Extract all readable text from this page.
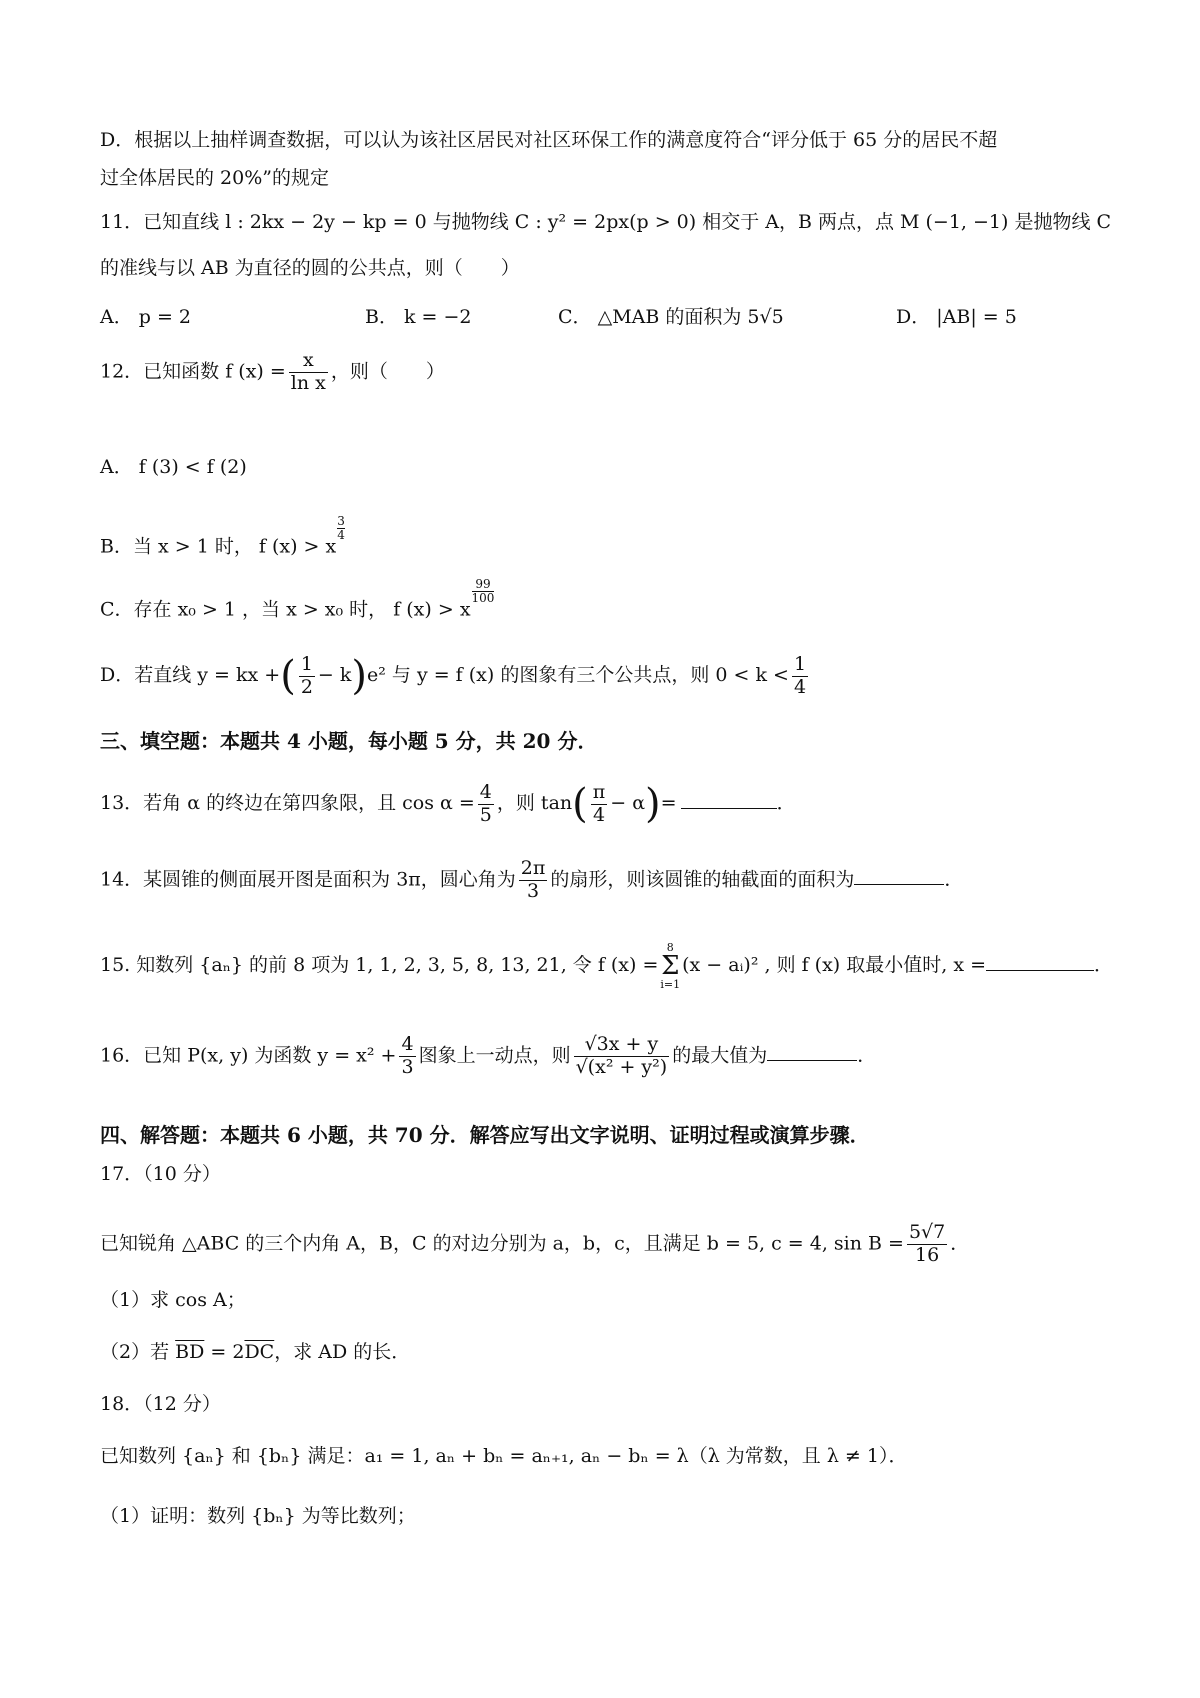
D．根据以上抽样调查数据，可以认为该社区居民对社区环保工作的满意度符合“评分低于 65 分的居民不超
过全体居民的 20%”的规定
11．已知直线 l : 2kx − 2y − kp = 0 与抛物线 C : y² = 2px(p > 0) 相交于 A，B 两点，点 M (−1, −1) 是抛物线 C
的准线与以 AB 为直径的圆的公共点，则（　　）
A． p = 2	B． k = −2	C． △MAB 的面积为 5√5	D． |AB| = 5
12．已知函数 f $(x) = \frac{x}{\text{ln x}}$ ，则（　　）
A． f (3) < f (2)
B．当 x > 1 时， f (x) > x
$\frac{3}{4}$
C．存在 x₀ > 1 ，当 x > x₀ 时， f (x) > x
$\frac{99}{100}$
D．若直线 y = kx +( $\frac{1}{2} - k)e^2$ 与 y = f (x) 的图象有三个公共点，则 $0 < k < \frac{1}{4}$
三、填空题：本题共 4 小题，每小题 5 分，共 20 分．
13．若角 α 的终边在第四象限，且 $\cos \alpha = \frac{4}{5}$ ，则 $\tan( \frac{\pi}{4} - \alpha)=$	．
14．某圆锥的侧面展开图是面积为 3π，圆心角为 $\frac{2\pi}{3}$ 的扇形，则该圆锥的轴截面的面积为	．
15. 知数列 {aₙ} 的前 8 项为 1, 1, 2, 3, 5, 8, 13, 21, 令 f (x) =
8
Σ
i=1
(x − aᵢ)² , 则 f (x) 取最小值时, x =	．
16．已知 P(x, y) 为函数 $y = x^2 + \frac{4}{3}$ 图象上一动点，则 $\frac{√3x + y}{\text{√(x² + y²)}}$ 的最大值为	．
四、解答题：本题共 6 小题，共 70 分．解答应写出文字说明、证明过程或演算步骤．
17．（10 分）
已知锐角 △ABC 的三个内角 A，B，C 的对边分别为 a，b，c，且满足 b = 5, c = 4, $\sin B = \frac{5√7}{16}$ ．
（1）求 cos A；
（2）若 $\overline{BD} = 2\overline{DC}$，求 AD 的长．
18．（12 分）
已知数列 {aₙ} 和 {bₙ} 满足：a₁ = 1, aₙ + bₙ = aₙ₊₁, aₙ − bₙ = λ（λ 为常数，且 λ ≠ 1）．
（1）证明：数列 {bₙ} 为等比数列；
